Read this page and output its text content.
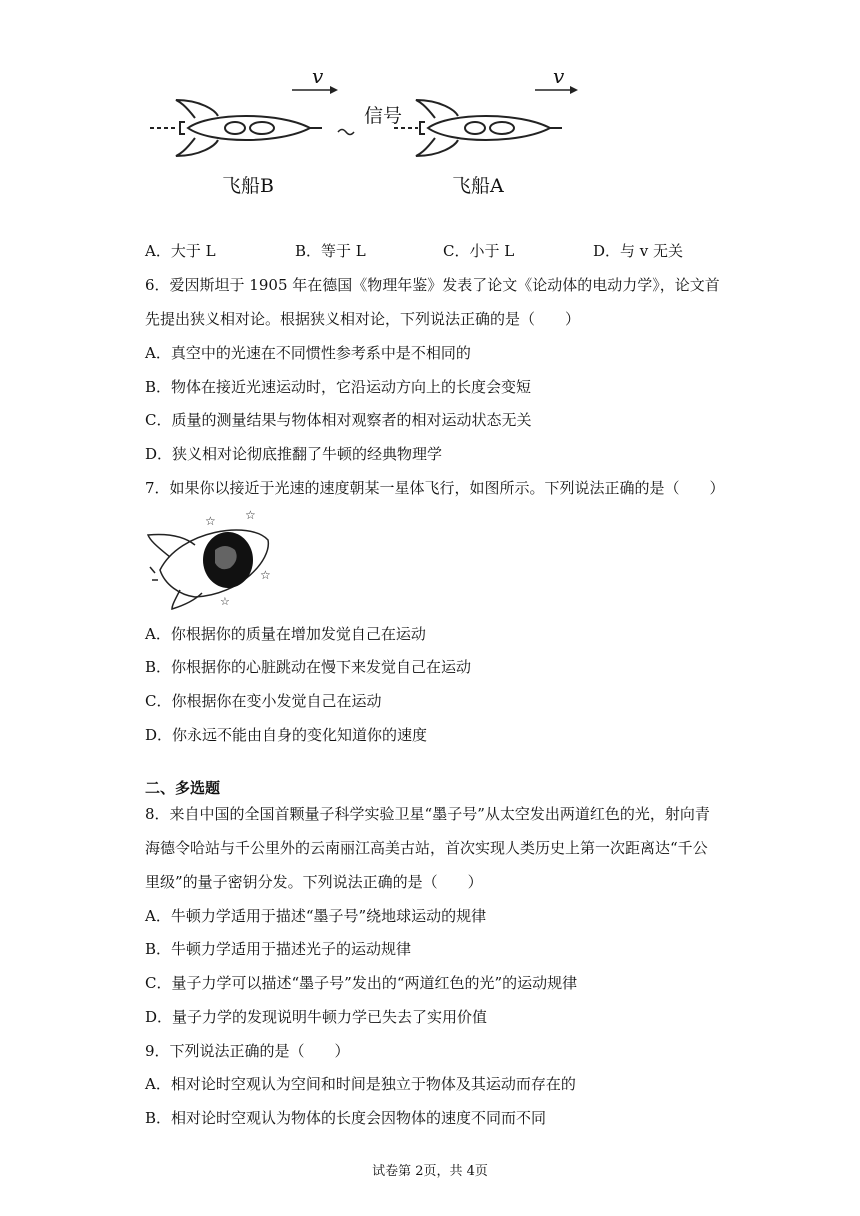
v	v
信号
飞船B	飞船A
A．大于 L	B．等于 L	C．小于 L	D．与 v 无关
6．爱因斯坦于 1905 年在德国《物理年鉴》发表了论文《论动体的电动力学》，论文首
先提出狭义相对论。根据狭义相对论，下列说法正确的是（　　）
A．真空中的光速在不同惯性参考系中是不相同的
B．物体在接近光速运动时，它沿运动方向上的长度会变短
C．质量的测量结果与物体相对观察者的相对运动状态无关
D．狭义相对论彻底推翻了牛顿的经典物理学
7．如果你以接近于光速的速度朝某一星体飞行，如图所示。下列说法正确的是（　　）
☆ ☆
☆
☆
A．你根据你的质量在增加发觉自己在运动
B．你根据你的心脏跳动在慢下来发觉自己在运动
C．你根据你在变小发觉自己在运动
D．你永远不能由自身的变化知道你的速度
二、多选题
8．来自中国的全国首颗量子科学实验卫星“墨子号”从太空发出两道红色的光，射向青
海德令哈站与千公里外的云南丽江高美古站，首次实现人类历史上第一次距离达“千公
里级”的量子密钥分发。下列说法正确的是（　　）
A．牛顿力学适用于描述“墨子号”绕地球运动的规律
B．牛顿力学适用于描述光子的运动规律
C．量子力学可以描述“墨子号”发出的“两道红色的光”的运动规律
D．量子力学的发现说明牛顿力学已失去了实用价值
9．下列说法正确的是（　　）
A．相对论时空观认为空间和时间是独立于物体及其运动而存在的
B．相对论时空观认为物体的长度会因物体的速度不同而不同
试卷第 2页，共 4页
